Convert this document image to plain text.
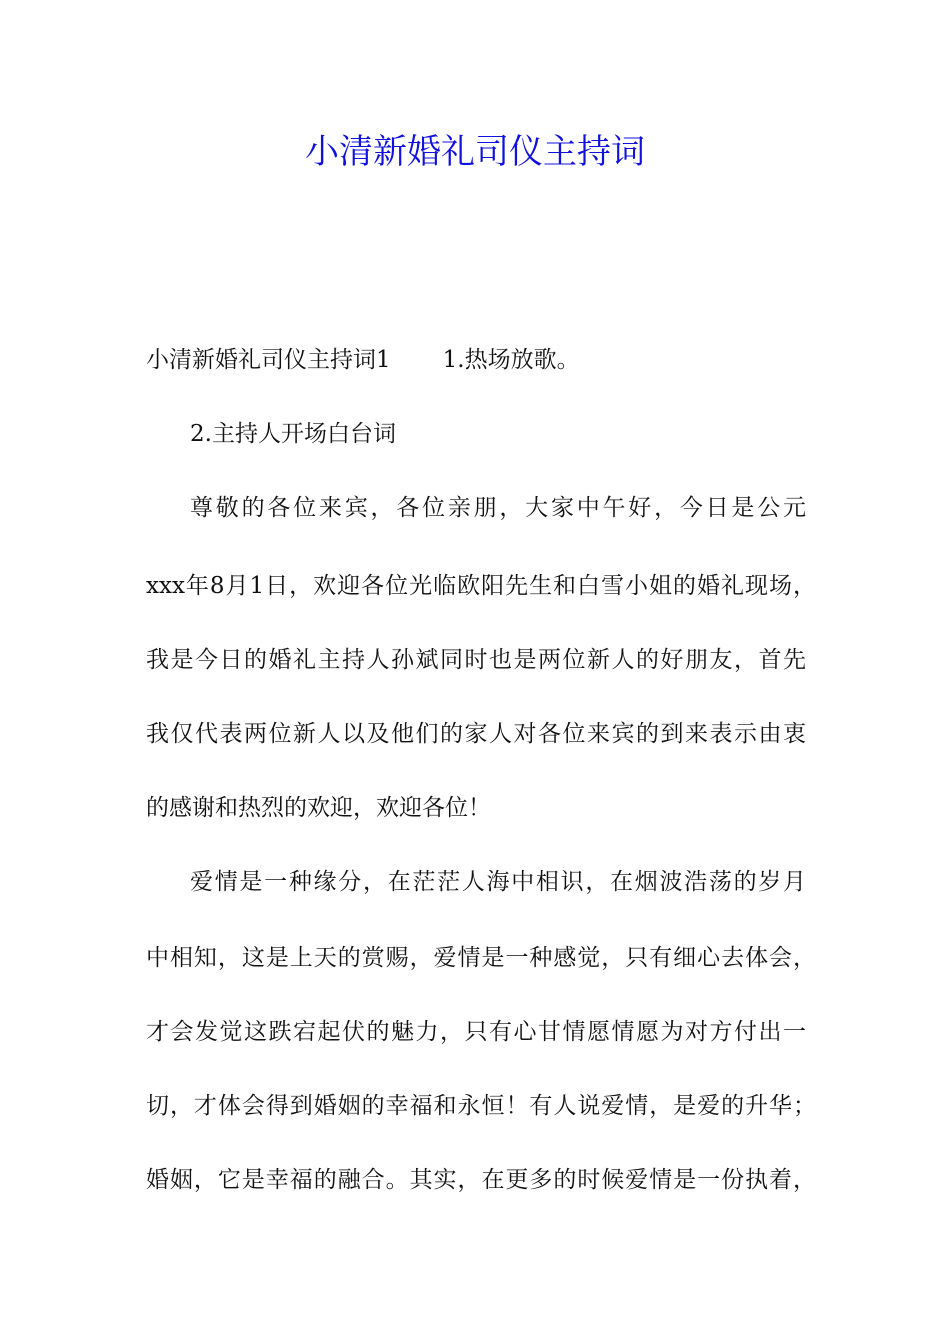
小清新婚礼司仪主持词

小清新婚礼司仪主持词1 1.热场放歌。

2.主持人开场白台词

尊敬的各位来宾，各位亲朋，大家中午好，今日是公元

xxx年8月1日，欢迎各位光临欧阳先生和白雪小姐的婚礼现场，

我是今日的婚礼主持人孙斌同时也是两位新人的好朋友，首先

我仅代表两位新人以及他们的家人对各位来宾的到来表示由衷

的感谢和热烈的欢迎，欢迎各位！

爱情是一种缘分，在茫茫人海中相识，在烟波浩荡的岁月

中相知，这是上天的赏赐，爱情是一种感觉，只有细心去体会，

才会发觉这跌宕起伏的魅力，只有心甘情愿情愿为对方付出一

切，才体会得到婚姻的幸福和永恒！有人说爱情，是爱的升华；

婚姻，它是幸福的融合。其实，在更多的时候爱情是一份执着，
